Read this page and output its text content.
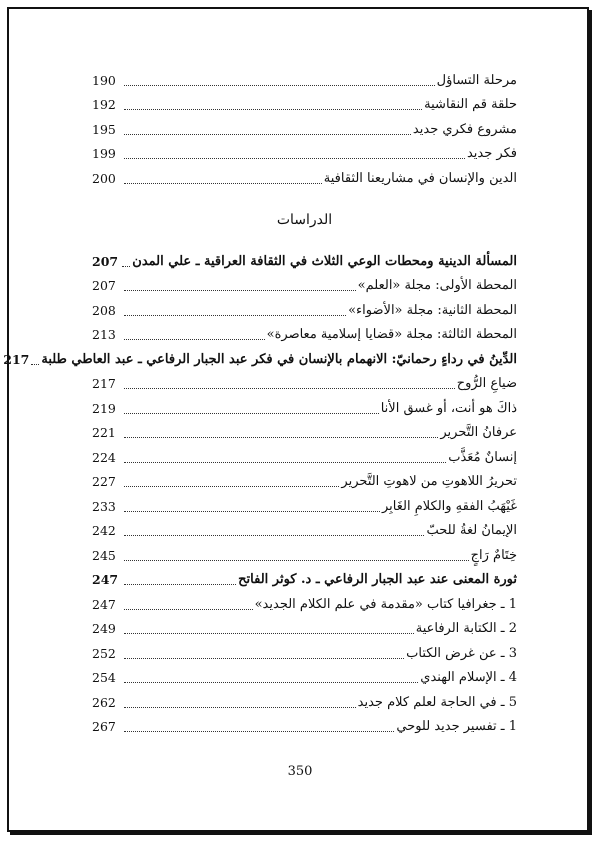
مرحلة التساؤل
190
حلقة قم النقاشية
192
مشروع فكري جديد
195
فكر جديد
199
الدين والإنسان في مشاريعنا الثقافية
200
الدراسات
المسألة الدينية ومحطات الوعي الثلاث في الثقافة العراقية ـ علي المدن
207
المحطة الأولى: مجلة «العلم»
207
المحطة الثانية: مجلة «الأضواء»
208
المحطة الثالثة: مجلة «قضايا إسلامية معاصرة»
213
الدِّينُ في رداءٍ رحمانيّ: الانهمام بالإنسان في فكر عبد الجبار الرفاعي ـ عبد العاطي طلبة
217
ضياعِ الرُّوح
217
ذاكَ هو أنت، أو غسق الأنا
219
عرفانُ التَّحرير
221
إنسانٌ مُعَذَّب
224
تحريرُ اللاهوتِ من لاهوتِ التَّحرير
227
غَيْهَبُ الفقهِ والكلامِ الغَابِر
233
الإيمانُ لغةُ للحبّ
242
خِتَامٌ رَاجٍ
245
ثورة المعنى عند عبد الجبار الرفاعي ـ د. كوثر الفاتح
247
1 ـ جغرافيا كتاب «مقدمة في علم الكلام الجديد»
247
2 ـ الكتابة الرفاعية
249
3 ـ عن غرض الكتاب
252
4 ـ الإسلام الهندي
254
5 ـ في الحاجة لعلم كلام جديد
262
1 ـ تفسير جديد للوحي
267
350
